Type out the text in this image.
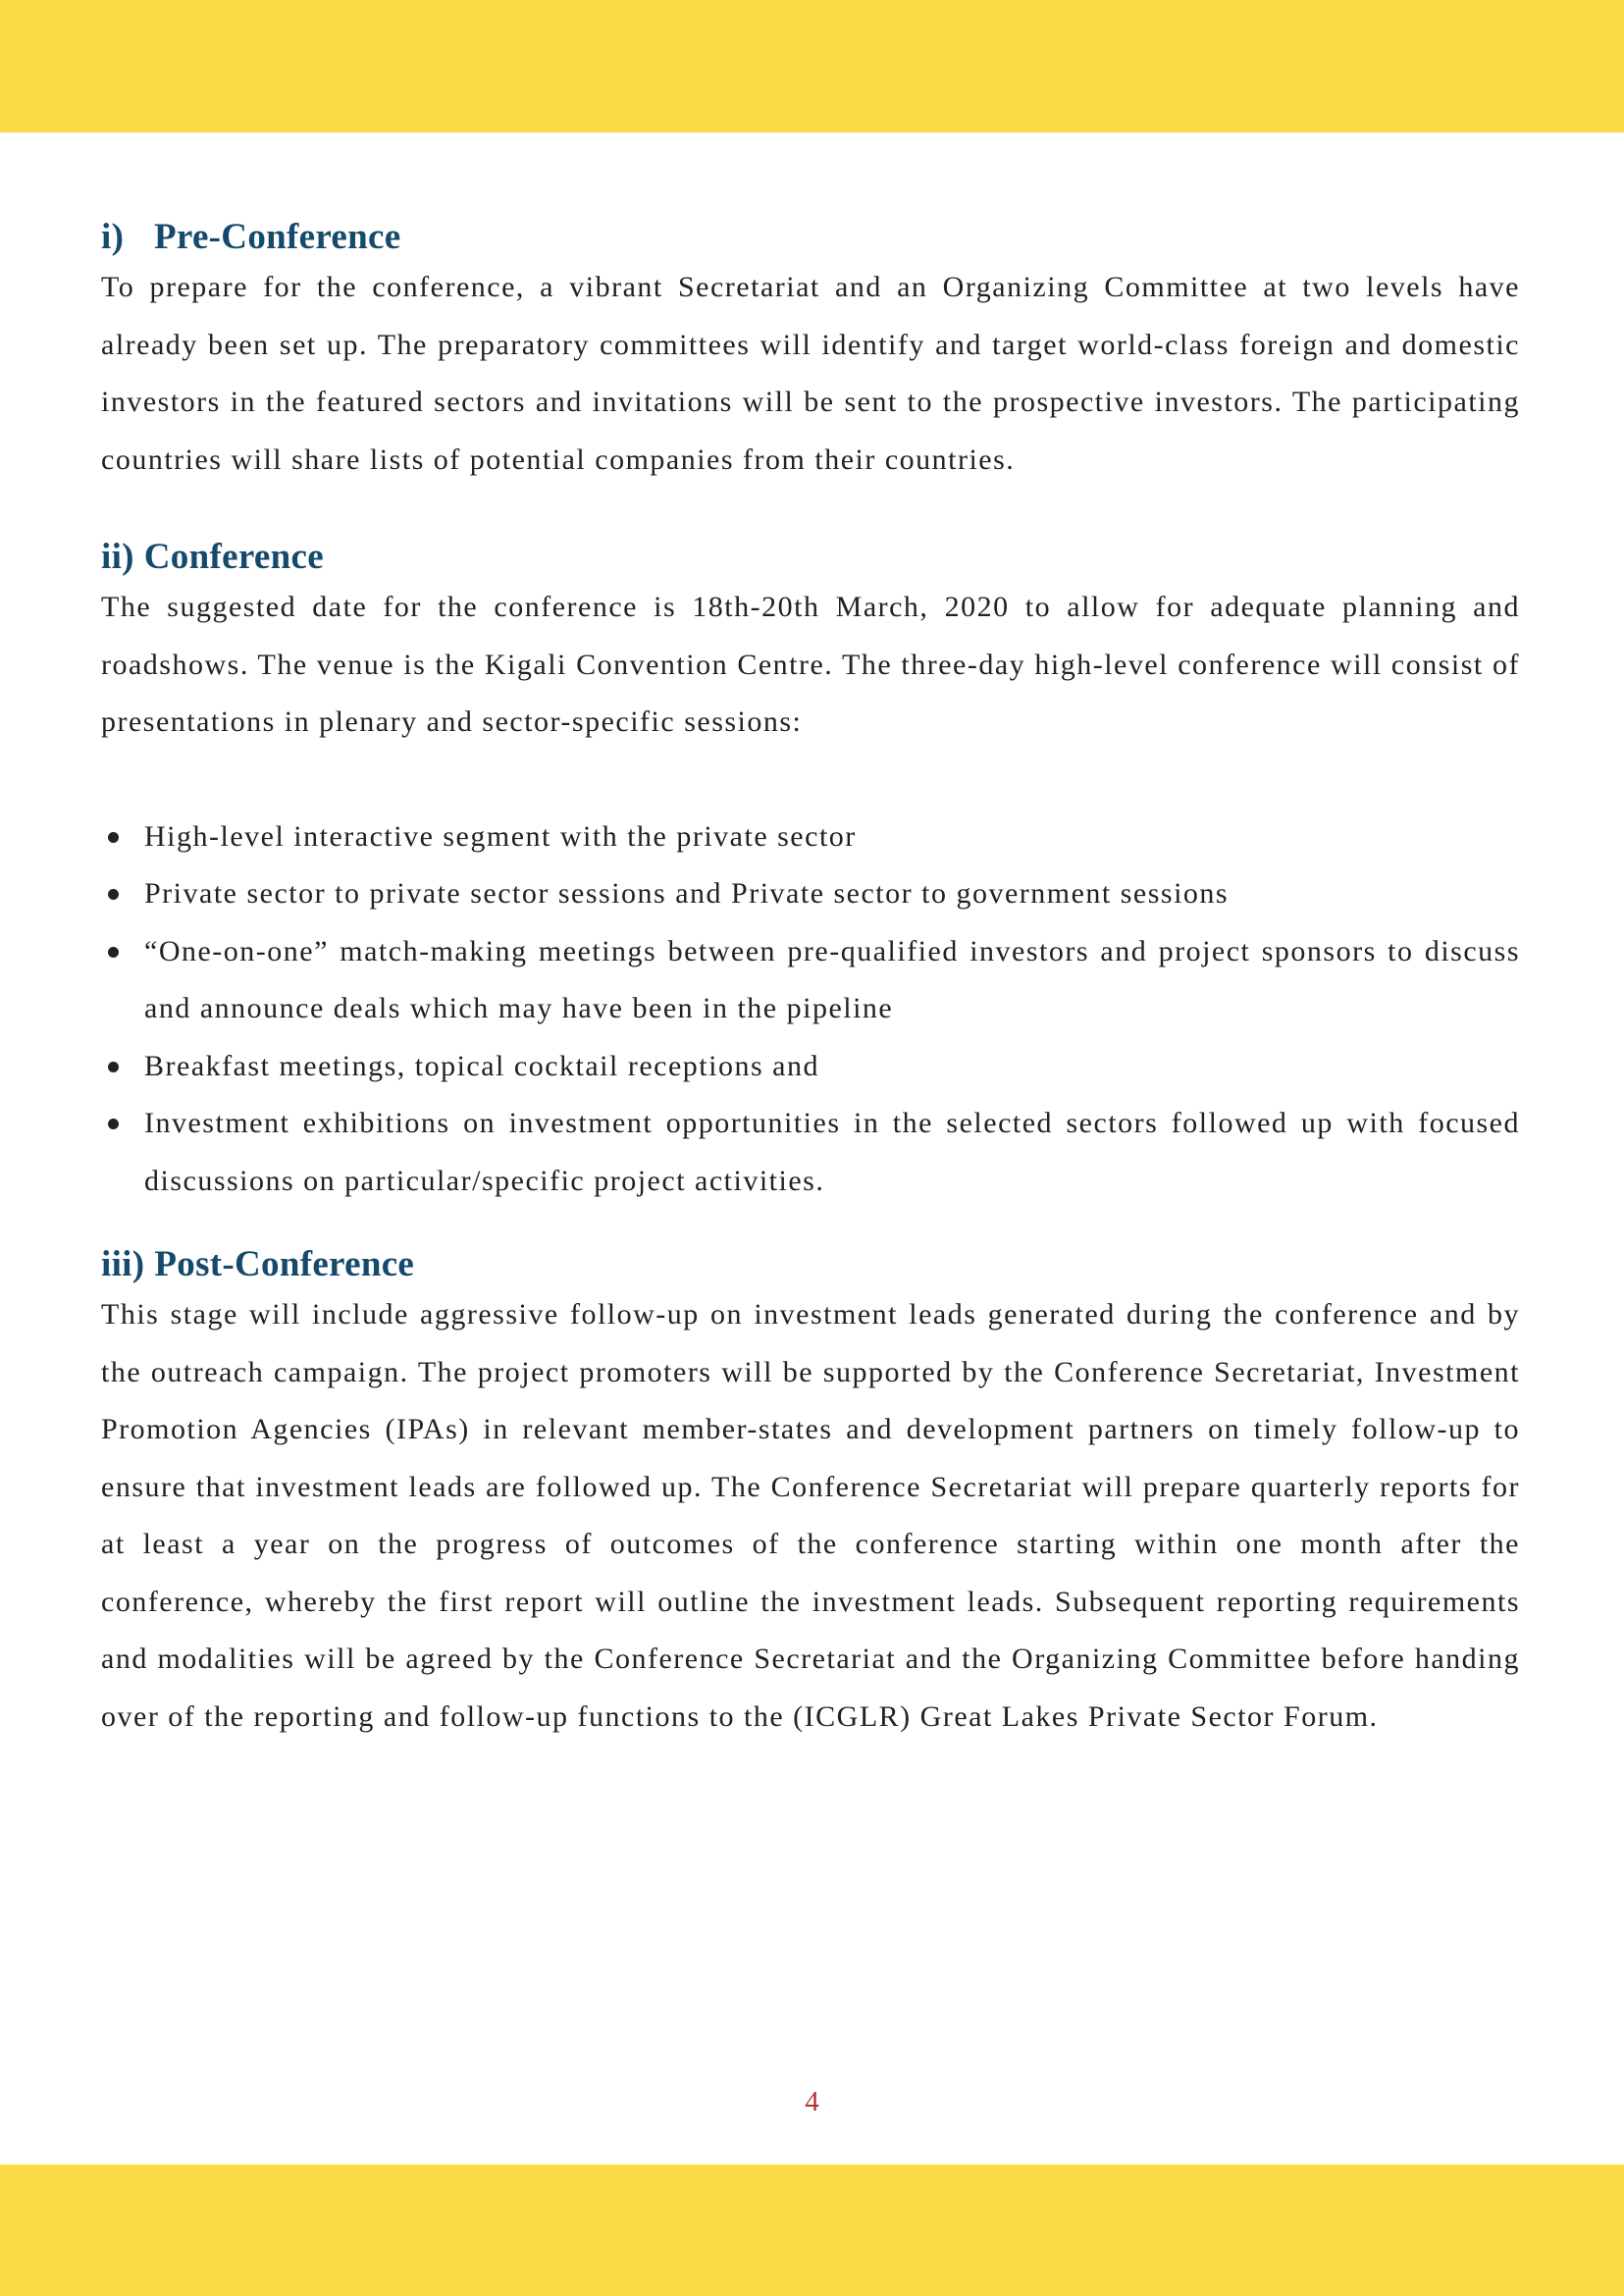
i) Pre-Conference

To prepare for the conference, a vibrant Secretariat and an Organizing Committee at two levels have already been set up. The preparatory committees will identify and target world-class foreign and domestic investors in the featured sectors and invitations will be sent to the prospective investors. The participating countries will share lists of potential companies from their countries.

ii) Conference

The suggested date for the conference is 18th-20th March, 2020 to allow for adequate planning and roadshows. The venue is the Kigali Convention Centre. The three-day high-level conference will consist of presentations in plenary and sector-specific sessions:

High-level interactive segment with the private sector
Private sector to private sector sessions and Private sector to government sessions
“One-on-one” match-making meetings between pre-qualified investors and project sponsors to discuss and announce deals which may have been in the pipeline
Breakfast meetings, topical cocktail receptions and
Investment exhibitions on investment opportunities in the selected sectors followed up with focused discussions on particular/specific project activities.
iii) Post-Conference

This stage will include aggressive follow-up on investment leads generated during the conference and by the outreach campaign. The project promoters will be supported by the Conference Secretariat, Investment Promotion Agencies (IPAs) in relevant member-states and development partners on timely follow-up to ensure that investment leads are followed up. The Conference Secretariat will prepare quarterly reports for at least a year on the progress of outcomes of the conference starting within one month after the conference, whereby the first report will outline the investment leads. Subsequent reporting requirements and modalities will be agreed by the Conference Secretariat and the Organizing Committee before handing over of the reporting and follow-up functions to the (ICGLR) Great Lakes Private Sector Forum.

4
